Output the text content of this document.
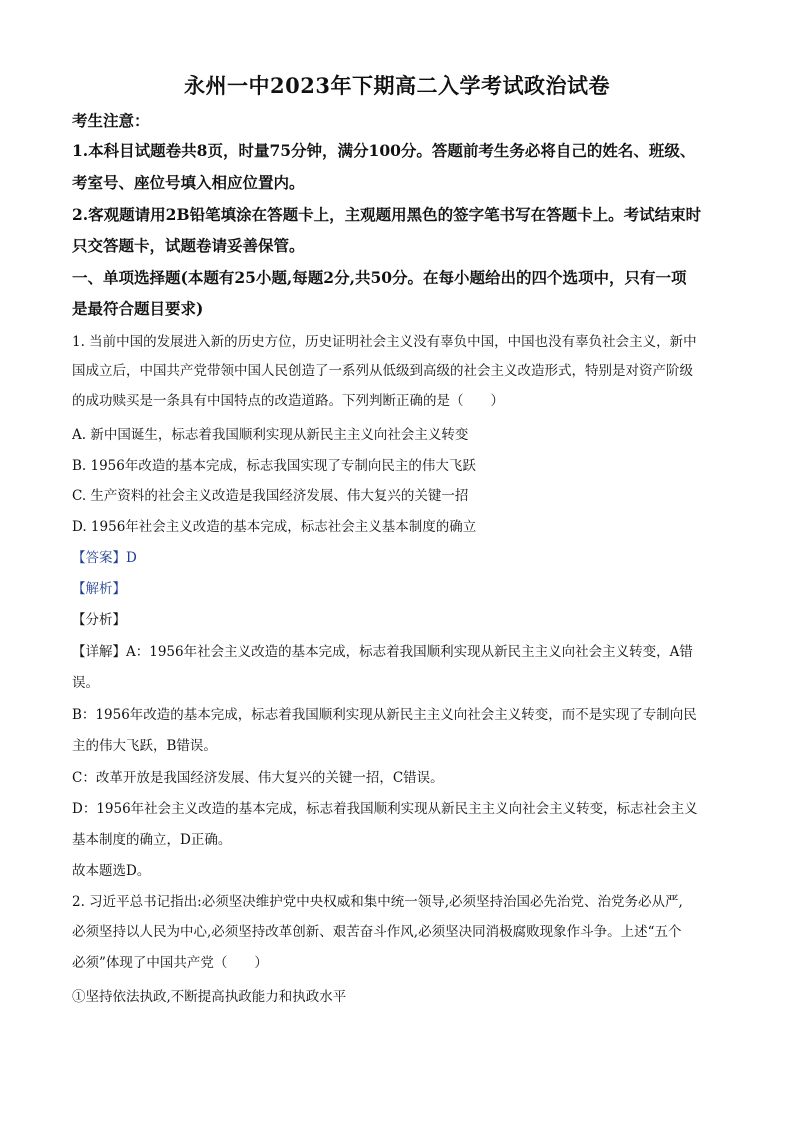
永州一中2023年下期高二入学考试政治试卷
考生注意：
1.本科目试题卷共8页，时量75分钟，满分100分。答题前考生务必将自己的姓名、班级、
考室号、座位号填入相应位置内。
2.客观题请用2B铅笔填涂在答题卡上，主观题用黑色的签字笔书写在答题卡上。考试结束时
只交答题卡，试题卷请妥善保管。
一、单项选择题(本题有25小题,每题2分,共50分。在每小题给出的四个选项中，只有一项
是最符合题目要求)
1. 当前中国的发展进入新的历史方位，历史证明社会主义没有辜负中国，中国也没有辜负社会主义，新中
国成立后，中国共产党带领中国人民创造了一系列从低级到高级的社会主义改造形式，特别是对资产阶级
的成功赎买是一条具有中国特点的改造道路。下列判断正确的是（　　）
A. 新中国诞生，标志着我国顺利实现从新民主主义向社会主义转变
B. 1956年改造的基本完成，标志我国实现了专制向民主的伟大飞跃
C. 生产资料的社会主义改造是我国经济发展、伟大复兴的关键一招
D. 1956年社会主义改造的基本完成，标志社会主义基本制度的确立
【答案】D
【解析】
【分析】
【详解】A：1956年社会主义改造的基本完成，标志着我国顺利实现从新民主主义向社会主义转变，A错
误。
B：1956年改造的基本完成，标志着我国顺利实现从新民主主义向社会主义转变，而不是实现了专制向民
主的伟大飞跃，B错误。
C：改革开放是我国经济发展、伟大复兴的关键一招，C错误。
D：1956年社会主义改造的基本完成，标志着我国顺利实现从新民主主义向社会主义转变，标志社会主义
基本制度的确立，D正确。
故本题选D。
2. 习近平总书记指出:必须坚决维护党中央权威和集中统一领导,必须坚持治国必先治党、治党务必从严,
必须坚持以人民为中心,必须坚持改革创新、艰苦奋斗作风,必须坚决同消极腐败现象作斗争。上述“五个
必须”体现了中国共产党（　　）
①坚持依法执政,不断提高执政能力和执政水平
